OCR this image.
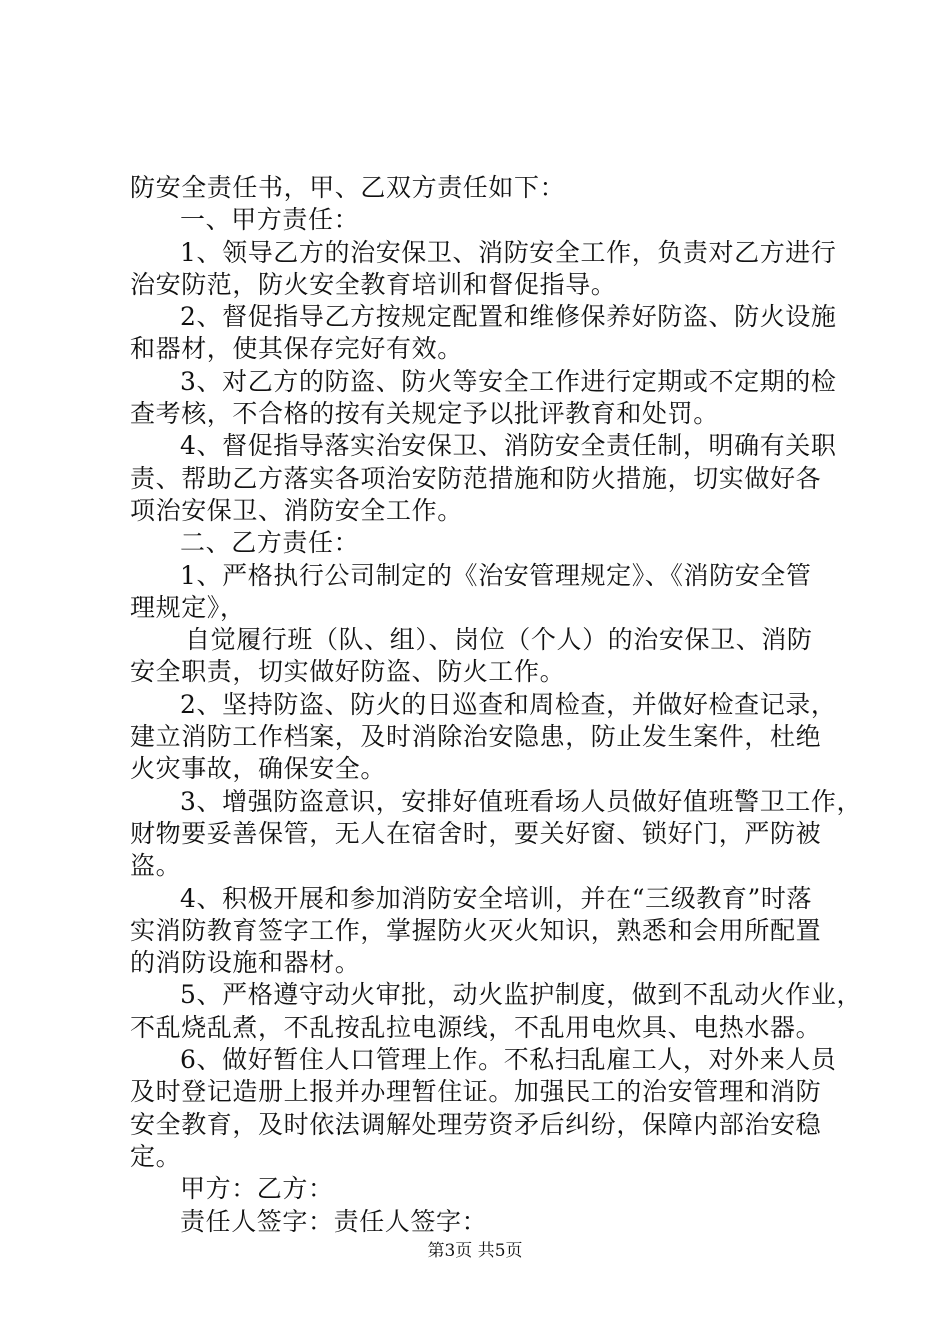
防安全责任书，甲、乙双方责任如下：
一、甲方责任：
1、领导乙方的治安保卫、消防安全工作，负责对乙方进行
治安防范，防火安全教育培训和督促指导。
2、督促指导乙方按规定配置和维修保养好防盗、防火设施
和器材，使其保存完好有效。
3、对乙方的防盗、防火等安全工作进行定期或不定期的检
查考核，不合格的按有关规定予以批评教育和处罚。
4、督促指导落实治安保卫、消防安全责任制，明确有关职
责、帮助乙方落实各项治安防范措施和防火措施，切实做好各
项治安保卫、消防安全工作。
二、乙方责任：
1、严格执行公司制定的《治安管理规定》、《消防安全管
理规定》，
自觉履行班（队、组）、岗位（个人）的治安保卫、消防
安全职责，切实做好防盗、防火工作。
2、坚持防盗、防火的日巡查和周检查，并做好检查记录，
建立消防工作档案，及时消除治安隐患，防止发生案件，杜绝
火灾事故，确保安全。
3、增强防盗意识，安排好值班看场人员做好值班警卫工作，
财物要妥善保管，无人在宿舍时，要关好窗、锁好门，严防被
盗。
4、积极开展和参加消防安全培训，并在“三级教育”时落
实消防教育签字工作，掌握防火灭火知识，熟悉和会用所配置
的消防设施和器材。
5、严格遵守动火审批，动火监护制度，做到不乱动火作业，
不乱烧乱煮，不乱按乱拉电源线，不乱用电炊具、电热水器。
6、做好暂住人口管理上作。不私扫乱雇工人，对外来人员
及时登记造册上报并办理暂住证。加强民工的治安管理和消防
安全教育，及时依法调解处理劳资矛后纠纷，保障内部治安稳
定。
甲方：乙方：
责任人签字：责任人签字：
第3页 共5页
